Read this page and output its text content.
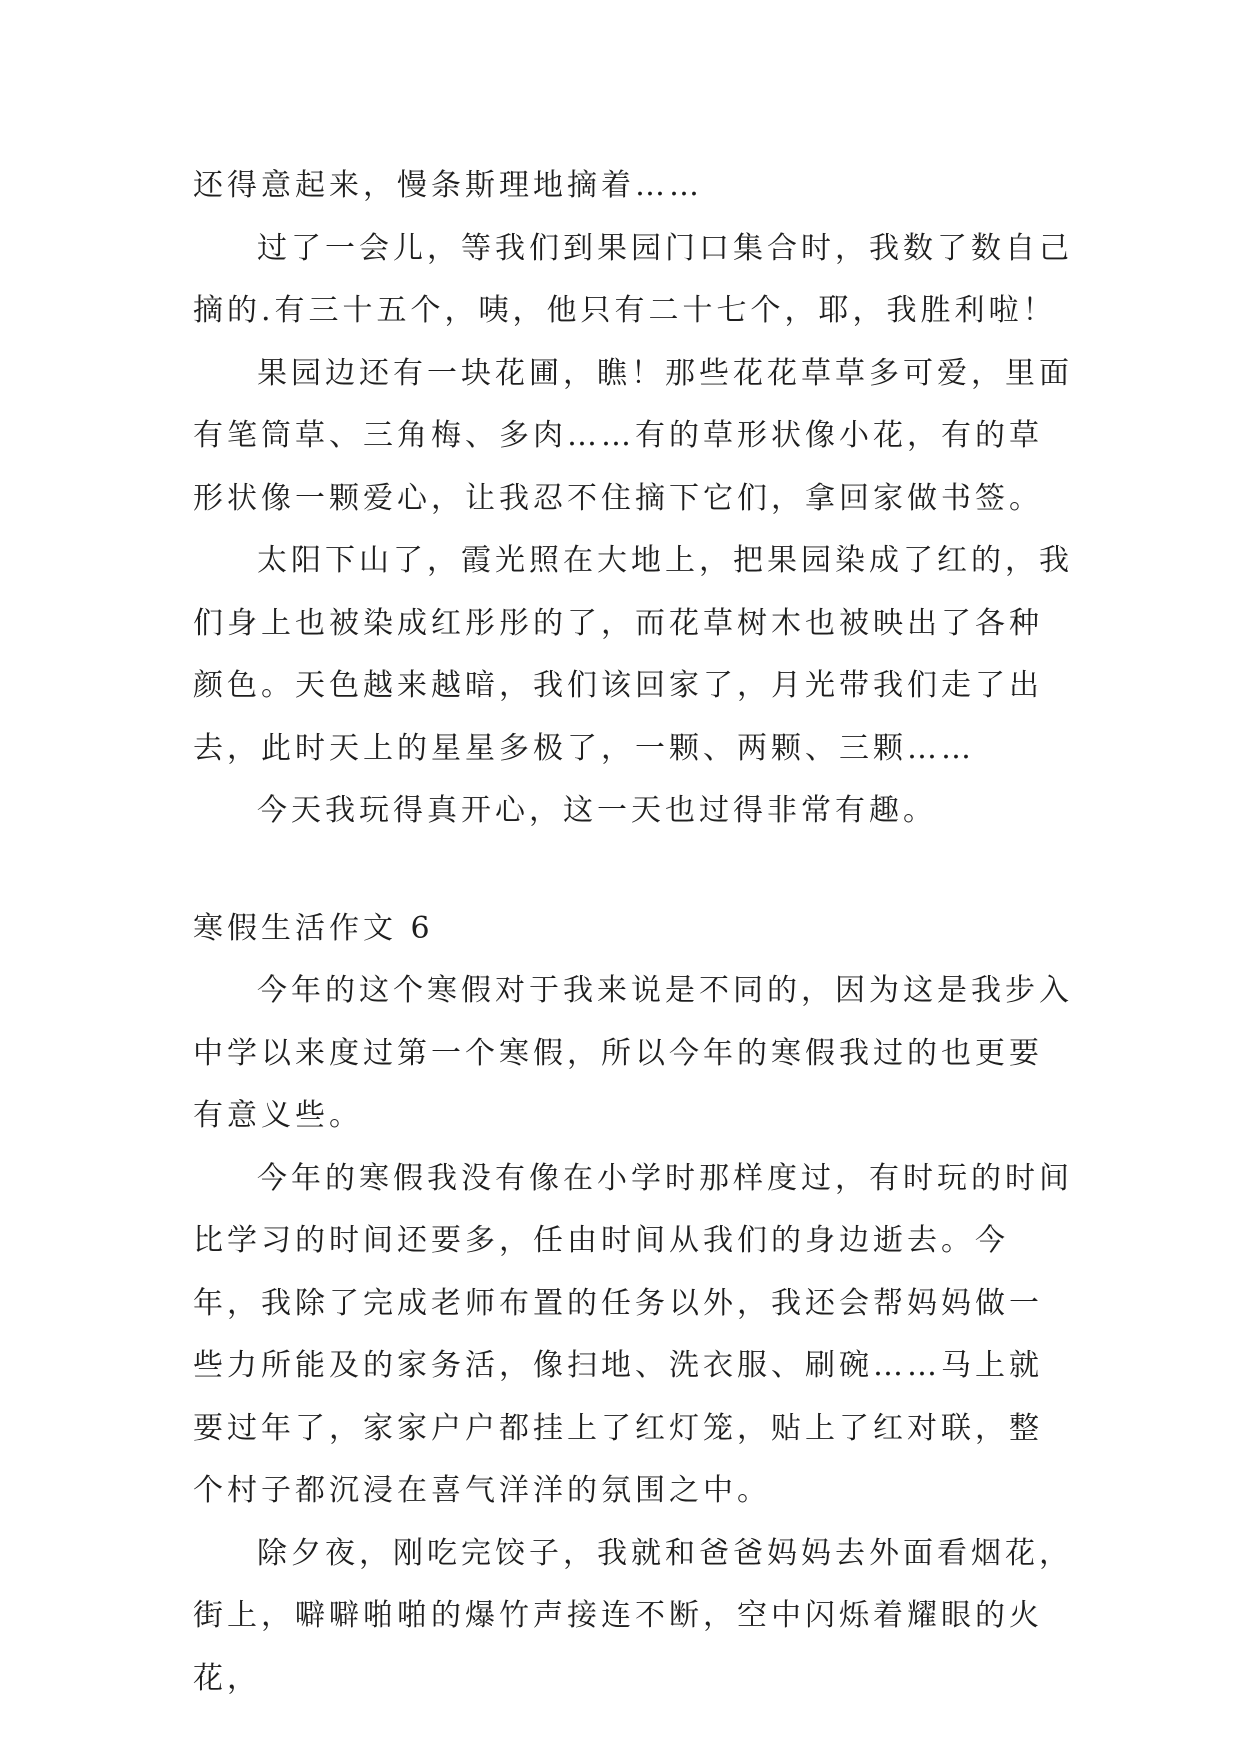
还得意起来，慢条斯理地摘着……

过了一会儿，等我们到果园门口集合时，我数了数自己摘的.有三十五个，咦，他只有二十七个，耶，我胜利啦！

果园边还有一块花圃，瞧！那些花花草草多可爱，里面有笔筒草、三角梅、多肉……有的草形状像小花，有的草形状像一颗爱心，让我忍不住摘下它们，拿回家做书签。

太阳下山了，霞光照在大地上，把果园染成了红的，我们身上也被染成红彤彤的了，而花草树木也被映出了各种颜色。天色越来越暗，我们该回家了，月光带我们走了出去，此时天上的星星多极了，一颗、两颗、三颗……

今天我玩得真开心，这一天也过得非常有趣。

寒假生活作文 6

今年的这个寒假对于我来说是不同的，因为这是我步入中学以来度过第一个寒假，所以今年的寒假我过的也更要有意义些。

今年的寒假我没有像在小学时那样度过，有时玩的时间比学习的时间还要多，任由时间从我们的身边逝去。今年，我除了完成老师布置的任务以外，我还会帮妈妈做一些力所能及的家务活，像扫地、洗衣服、刷碗……马上就要过年了，家家户户都挂上了红灯笼，贴上了红对联，整个村子都沉浸在喜气洋洋的氛围之中。

除夕夜，刚吃完饺子，我就和爸爸妈妈去外面看烟花，街上，噼噼啪啪的爆竹声接连不断，空中闪烁着耀眼的火花，
